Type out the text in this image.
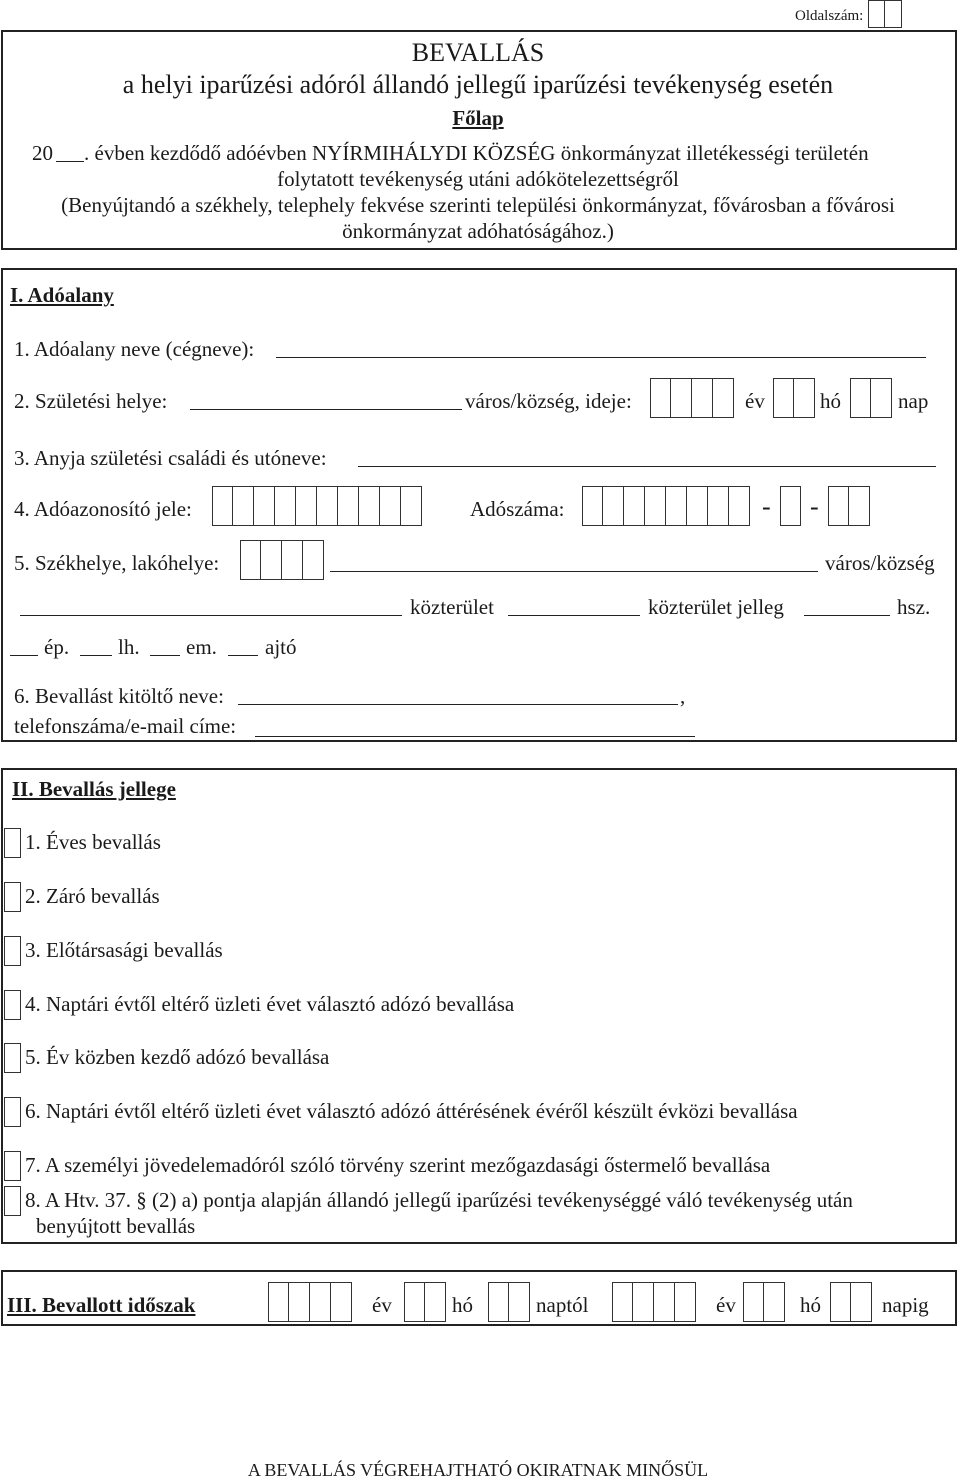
Oldalszám:
BEVALLÁS
a helyi iparűzési adóról állandó jellegű iparűzési tevékenység esetén
Főlap
20 . évben kezdődő adóévben NYÍRMIHÁLYDI KÖZSÉG önkormányzat illetékességi területén
folytatott tevékenység utáni adókötelezettségről
(Benyújtandó a székhely, telephely fekvése szerinti települési önkormányzat, fővárosban a fővárosi
önkormányzat adóhatóságához.)
I. Adóalany
1. Adóalany neve (cégneve):
2. Születési helye:	város/község, ideje:	év	hó	nap
3. Anyja születési családi és utóneve:
4. Adóazonosító jele:	Adószáma:	- -
5. Székhelye, lakóhelye:	város/község
közterület	közterület jelleg	hsz.
ép. lh. em. ajtó
6. Bevallást kitöltő neve:	,
telefonszáma/e-mail címe:
II. Bevallás jellege
1. Éves bevallás
2. Záró bevallás
3. Előtársasági bevallás
4. Naptári évtől eltérő üzleti évet választó adózó bevallása
5. Év közben kezdő adózó bevallása
6. Naptári évtől eltérő üzleti évet választó adózó áttérésének évéről készült évközi bevallása
7. A személyi jövedelemadóról szóló törvény szerint mezőgazdasági őstermelő bevallása
8. A Htv. 37. § (2) a) pontja alapján állandó jellegű iparűzési tevékenységgé váló tevékenység után
benyújtott bevallás
III. Bevallott időszak	év	hó	naptól	év	hó	napig
A BEVALLÁS VÉGREHAJTHATÓ OKIRATNAK MINŐSÜL
